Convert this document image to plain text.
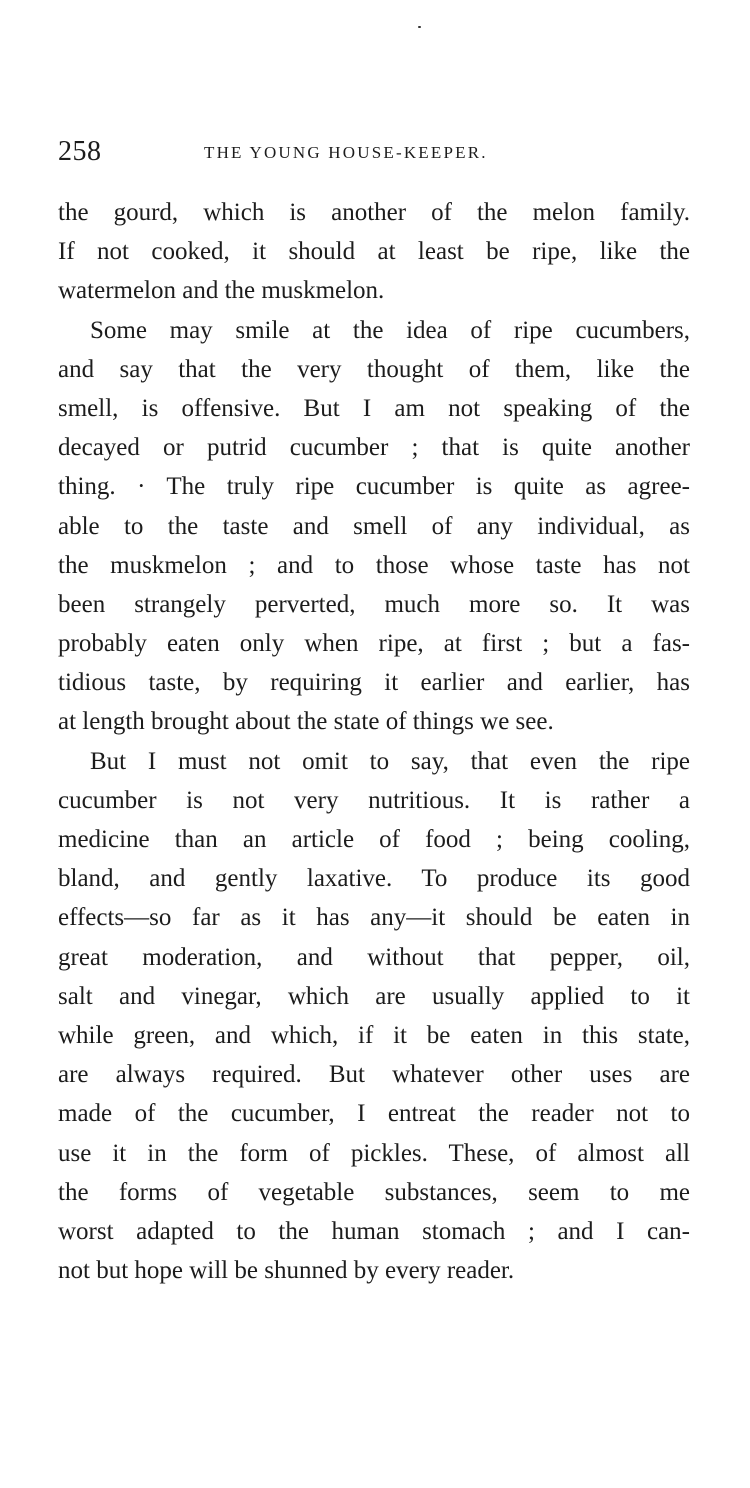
258	THE YOUNG HOUSE-KEEPER.
the gourd, which is another of the melon family.
If not cooked, it should at least be ripe, like the
watermelon and the muskmelon.
Some may smile at the idea of ripe cucumbers,
and say that the very thought of them, like the
smell, is offensive. But I am not speaking of the
decayed or putrid cucumber ; that is quite another
thing. · The truly ripe cucumber is quite as agree-
able to the taste and smell of any individual, as
the muskmelon ; and to those whose taste has not
been strangely perverted, much more so. It was
probably eaten only when ripe, at first ; but a fas-
tidious taste, by requiring it earlier and earlier, has
at length brought about the state of things we see.
But I must not omit to say, that even the ripe
cucumber is not very nutritious. It is rather a
medicine than an article of food ; being cooling,
bland, and gently laxative. To produce its good
effects—so far as it has any—it should be eaten in
great moderation, and without that pepper, oil,
salt and vinegar, which are usually applied to it
while green, and which, if it be eaten in this state,
are always required. But whatever other uses are
made of the cucumber, I entreat the reader not to
use it in the form of pickles. These, of almost all
the forms of vegetable substances, seem to me
worst adapted to the human stomach ; and I can-
not but hope will be shunned by every reader.
